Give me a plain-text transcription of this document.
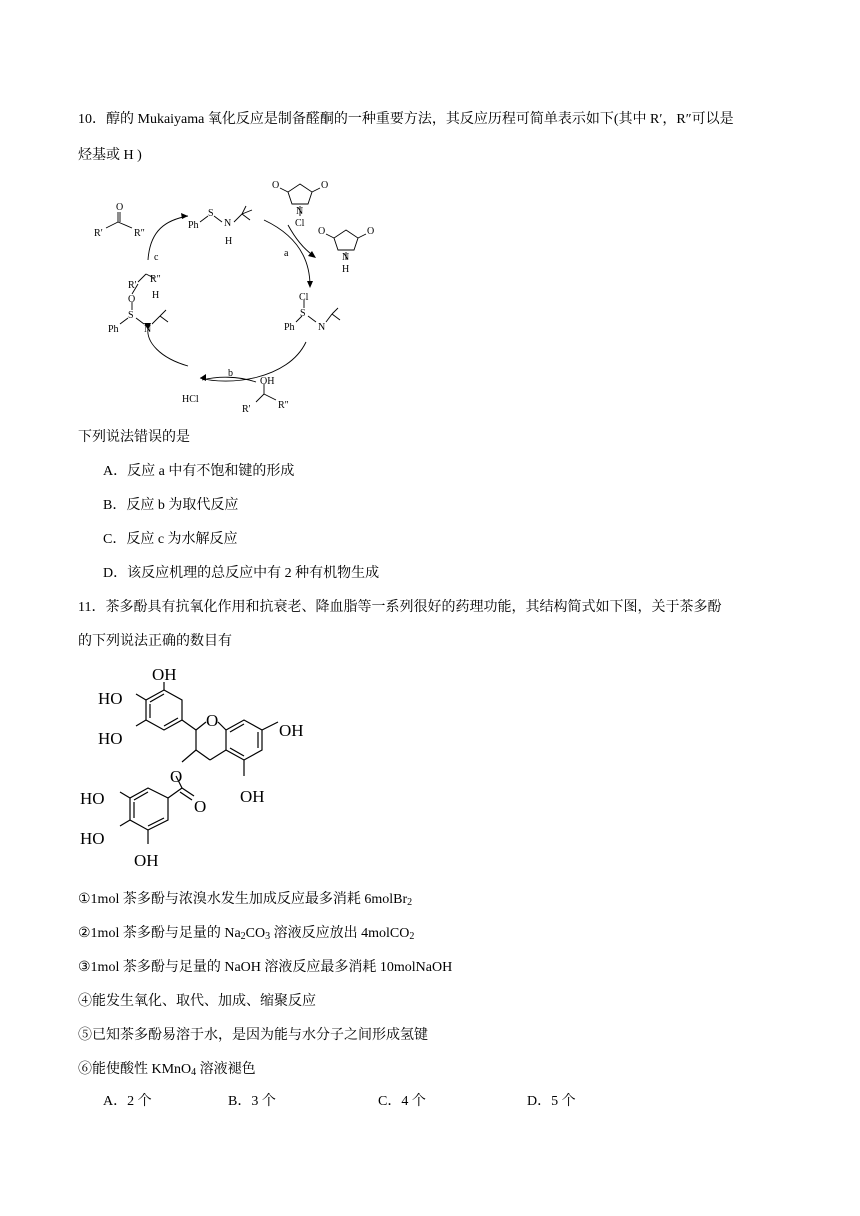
10．醇的 Mukaiyama 氧化反应是制备醛酮的一种重要方法，其反应历程可简单表示如下(其中 R′，R″可以是
烃基或 H )
O
R′	R″
Ph
S
N
H
O	O
N
Cl
O	O
N
H
a
Cl
S
Ph N
b
HCl
OH
R'	R"
c
R'
R"
H
O
S
Ph	N
下列说法错误的是
A．反应 a 中有不饱和键的形成
B．反应 b 为取代反应
C．反应 c 为水解反应
D．该反应机理的总反应中有 2 种有机物生成
11．茶多酚具有抗氧化作用和抗衰老、降血脂等一系列很好的药理功能，其结构简式如下图，关于茶多酚
的下列说法正确的数目有
OH
HO
HO
O
OH
OH
O
O
HO
HO
OH
①1mol 茶多酚与浓溴水发生加成反应最多消耗 6molBr$_2$
②1mol 茶多酚与足量的 $Na_2CO_3$ 溶液反应放出 4molCO$_2$
③1mol 茶多酚与足量的 NaOH 溶液反应最多消耗 10molNaOH
④能发生氧化、取代、加成、缩聚反应
⑤已知茶多酚易溶于水，是因为能与水分子之间形成氢键
⑥能使酸性 KMnO$_4$ 溶液褪色
A．2 个	B．3 个	C．4 个	D．5 个
